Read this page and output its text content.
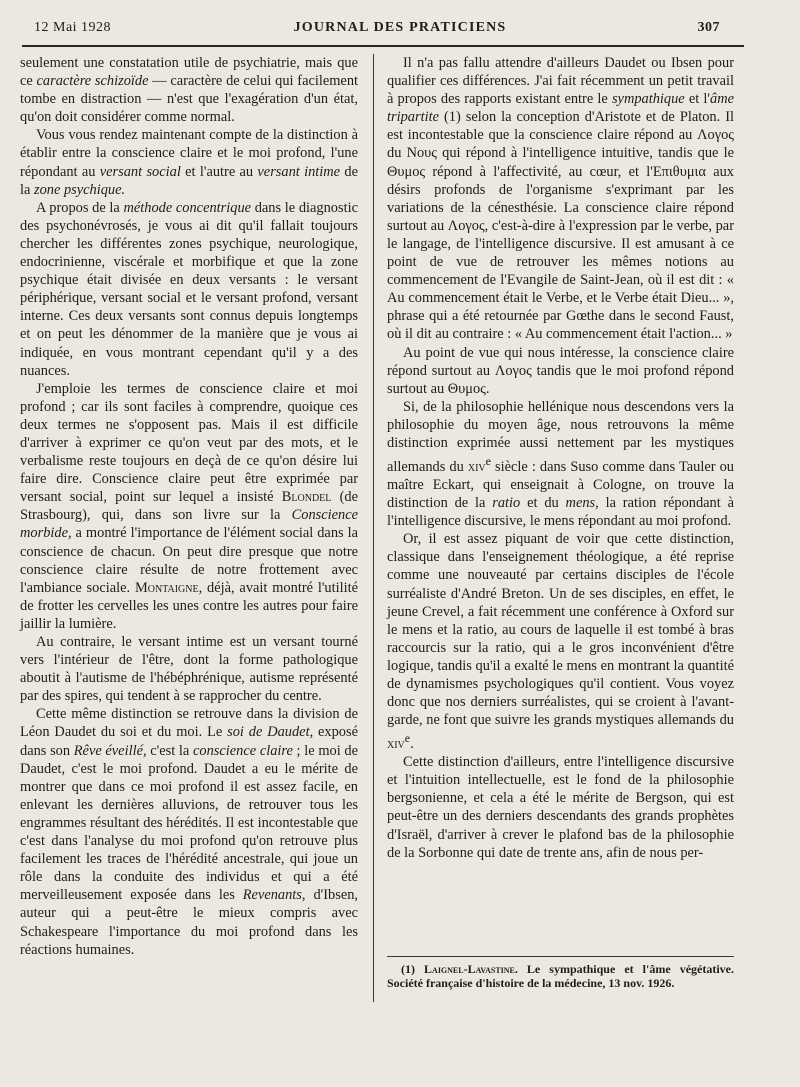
12 Mai 1928	JOURNAL DES PRATICIENS	307

seulement une constatation utile de psychiatrie, mais que ce caractère schizoïde — caractère de celui qui facilement tombe en distraction — n'est que l'exagération d'un état, qu'on doit considérer comme normal.

Vous vous rendez maintenant compte de la distinction à établir entre la conscience claire et le moi profond, l'une répondant au versant social et l'autre au versant intime de la zone psychique.

A propos de la méthode concentrique dans le diagnostic des psychonévrosés, je vous ai dit qu'il fallait toujours chercher les différentes zones psychique, neurologique, endocrinienne, viscérale et morbifique et que la zone psychique était divisée en deux versants : le versant périphérique, versant social et le versant profond, versant interne. Ces deux versants sont connus depuis longtemps et on peut les dénommer de la manière que je vous ai indiquée, en vous montrant cependant qu'il y a des nuances.

J'emploie les termes de conscience claire et moi profond ; car ils sont faciles à comprendre, quoique ces deux termes ne s'opposent pas. Mais il est difficile d'arriver à exprimer ce qu'on veut par des mots, et le verbalisme reste toujours en deçà de ce qu'on désire lui faire dire. Conscience claire peut être exprimée par versant social, point sur lequel a insisté Blondel (de Strasbourg), qui, dans son livre sur la Conscience morbide, a montré l'importance de l'élément social dans la conscience de chacun. On peut dire presque que notre conscience claire résulte de notre frottement avec l'ambiance sociale. Montaigne, déjà, avait montré l'utilité de frotter les cervelles les unes contre les autres pour faire jaillir la lumière.

Au contraire, le versant intime est un versant tourné vers l'intérieur de l'être, dont la forme pathologique aboutit à l'autisme de l'hébéphrénique, autisme représenté par des spires, qui tendent à se rapprocher du centre.

Cette même distinction se retrouve dans la division de Léon Daudet du soi et du moi. Le soi de Daudet, exposé dans son Rêve éveillé, c'est la conscience claire ; le moi de Daudet, c'est le moi profond. Daudet a eu le mérite de montrer que dans ce moi profond il est assez facile, en enlevant les dernières alluvions, de retrouver tous les engrammes résultant des hérédités. Il est incontestable que c'est dans l'analyse du moi profond qu'on retrouve plus facilement les traces de l'hérédité ancestrale, qui joue un rôle dans la conduite des individus et qui a été merveilleusement exposée dans les Revenants, d'Ibsen, auteur qui a peut-être le mieux compris avec Schakespeare l'importance du moi profond dans les réactions humaines.

Il n'a pas fallu attendre d'ailleurs Daudet ou Ibsen pour qualifier ces différences. J'ai fait récemment un petit travail à propos des rapports existant entre le sympathique et l'âme tripartite (1) selon la conception d'Aristote et de Platon. Il est incontestable que la conscience claire répond au Λογος du Νους qui répond à l'intelligence intuitive, tandis que le Θυμος répond à l'affectivité, au cœur, et l'Επιθυμια aux désirs profonds de l'organisme s'exprimant par les variations de la cénesthésie. La conscience claire répond surtout au Λογος, c'est-à-dire à l'expression par le verbe, par le langage, de l'intelligence discursive. Il est amusant à ce point de vue de retrouver les mêmes notions au commencement de l'Evangile de Saint-Jean, où il est dit : « Au commencement était le Verbe, et le Verbe était Dieu... », phrase qui a été retournée par Gœthe dans le second Faust, où il dit au contraire : « Au commencement était l'action... »

Au point de vue qui nous intéresse, la conscience claire répond surtout au Λογος tandis que le moi profond répond surtout au Θυμος.

Si, de la philosophie hellénique nous descendons vers la philosophie du moyen âge, nous retrouvons la même distinction exprimée aussi nettement par les mystiques allemands du xiv$^e$ siècle : dans Suso comme dans Tauler ou maître Eckart, qui enseignait à Cologne, on trouve la distinction de la ratio et du mens, la ration répondant à l'intelligence discursive, le mens répondant au moi profond.

Or, il est assez piquant de voir que cette distinction, classique dans l'enseignement théologique, a été reprise comme une nouveauté par certains disciples de l'école surréaliste d'André Breton. Un de ses disciples, en effet, le jeune Crevel, a fait récemment une conférence à Oxford sur le mens et la ratio, au cours de laquelle il est tombé à bras raccourcis sur la ratio, qui a le gros inconvénient d'être logique, tandis qu'il a exalté le mens en montrant la quantité de dynamismes psychologiques qu'il contient. Vous voyez donc que nos derniers surréalistes, qui se croient à l'avant-garde, ne font que suivre les grands mystiques allemands du xiv$^e$.

Cette distinction d'ailleurs, entre l'intelligence discursive et l'intuition intellectuelle, est le fond de la philosophie bergsonienne, et cela a été le mérite de Bergson, qui est peut-être un des derniers descendants des grands prophètes d'Israël, d'arriver à crever le plafond bas de la philosophie de la Sorbonne qui date de trente ans, afin de nous per-

(1) Laignel-Lavastine. Le sympathique et l'âme végétative. Société française d'histoire de la médecine, 13 nov. 1926.
